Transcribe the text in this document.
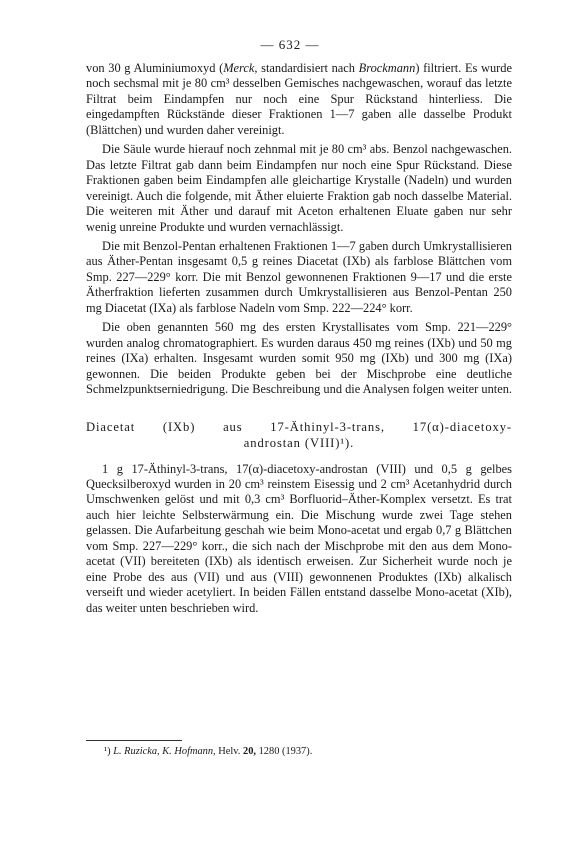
— 632 —

von 30 g Aluminiumoxyd (Merck, standardisiert nach Brockmann) filtriert. Es wurde noch sechsmal mit je 80 cm³ desselben Gemisches nachgewaschen, worauf das letzte Filtrat beim Eindampfen nur noch eine Spur Rückstand hinterliess. Die eingedampften Rückstände dieser Fraktionen 1—7 gaben alle dasselbe Produkt (Blättchen) und wurden daher vereinigt.

Die Säule wurde hierauf noch zehnmal mit je 80 cm³ abs. Benzol nachgewaschen. Das letzte Filtrat gab dann beim Eindampfen nur noch eine Spur Rückstand. Diese Fraktionen gaben beim Eindampfen alle gleichartige Krystalle (Nadeln) und wurden vereinigt. Auch die folgende, mit Äther eluierte Fraktion gab noch dasselbe Material. Die weiteren mit Äther und darauf mit Aceton erhaltenen Eluate gaben nur sehr wenig unreine Produkte und wurden vernachlässigt.

Die mit Benzol-Pentan erhaltenen Fraktionen 1—7 gaben durch Umkrystallisieren aus Äther-Pentan insgesamt 0,5 g reines Diacetat (IXb) als farblose Blättchen vom Smp. 227—229° korr. Die mit Benzol gewonnenen Fraktionen 9—17 und die erste Ätherfraktion lieferten zusammen durch Umkrystallisieren aus Benzol-Pentan 250 mg Diacetat (IXa) als farblose Nadeln vom Smp. 222—224° korr.

Die oben genannten 560 mg des ersten Krystallisates vom Smp. 221—229° wurden analog chromatographiert. Es wurden daraus 450 mg reines (IXb) und 50 mg reines (IXa) erhalten. Insgesamt wurden somit 950 mg (IXb) und 300 mg (IXa) gewonnen. Die beiden Produkte geben bei der Mischprobe eine deutliche Schmelzpunktserniedrigung. Die Beschreibung und die Analysen folgen weiter unten.

Diacetat (IXb) aus 17-Äthinyl-3-trans, 17(α)-diacetoxy-
androstan (VIII)¹).

1 g 17-Äthinyl-3-trans, 17(α)-diacetoxy-androstan (VIII) und 0,5 g gelbes Quecksilberoxyd wurden in 20 cm³ reinstem Eisessig und 2 cm³ Acetanhydrid durch Umschwenken gelöst und mit 0,3 cm³ Borfluorid–Äther-Komplex versetzt. Es trat auch hier leichte Selbsterwärmung ein. Die Mischung wurde zwei Tage stehen gelassen. Die Aufarbeitung geschah wie beim Mono-acetat und ergab 0,7 g Blättchen vom Smp. 227—229° korr., die sich nach der Mischprobe mit den aus dem Mono-acetat (VII) bereiteten (IXb) als identisch erweisen. Zur Sicherheit wurde noch je eine Probe des aus (VII) und aus (VIII) gewonnenen Produktes (IXb) alkalisch verseift und wieder acetyliert. In beiden Fällen entstand dasselbe Mono-acetat (XIb), das weiter unten beschrieben wird.

¹) L. Ruzicka, K. Hofmann, Helv. 20, 1280 (1937).
